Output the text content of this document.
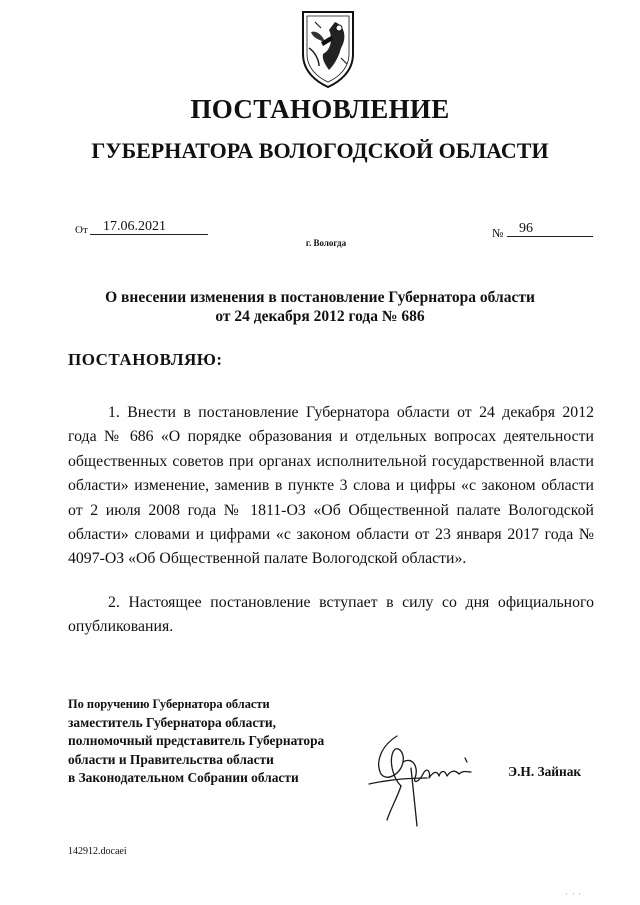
ПОСТАНОВЛЕНИЕ
ГУБЕРНАТОРА ВОЛОГОДСКОЙ ОБЛАСТИ
От 17.06.2021	№ 96
г. Вологда
О внесении изменения в постановление Губернатора области
от 24 декабря 2012 года № 686
ПОСТАНОВЛЯЮ:
1. Внести в постановление Губернатора области от 24 декабря 2012 года № 686 «О порядке образования и отдельных вопросах деятельности общественных советов при органах исполнительной государственной власти области» изменение, заменив в пункте 3 слова и цифры «с законом области от 2 июля 2008 года № 1811-ОЗ «Об Общественной палате Вологодской области» словами и цифрами «с законом области от 23 января 2017 года № 4097-ОЗ «Об Общественной палате Вологодской области».
2. Настоящее постановление вступает в силу со дня официального опубликования.
По поручению Губернатора области
заместитель Губернатора области,
полномочный представитель Губернатора
области и Правительства области
в Законодательном Собрании области	Э.Н. Зайнак
142912.docaei
' ' '
